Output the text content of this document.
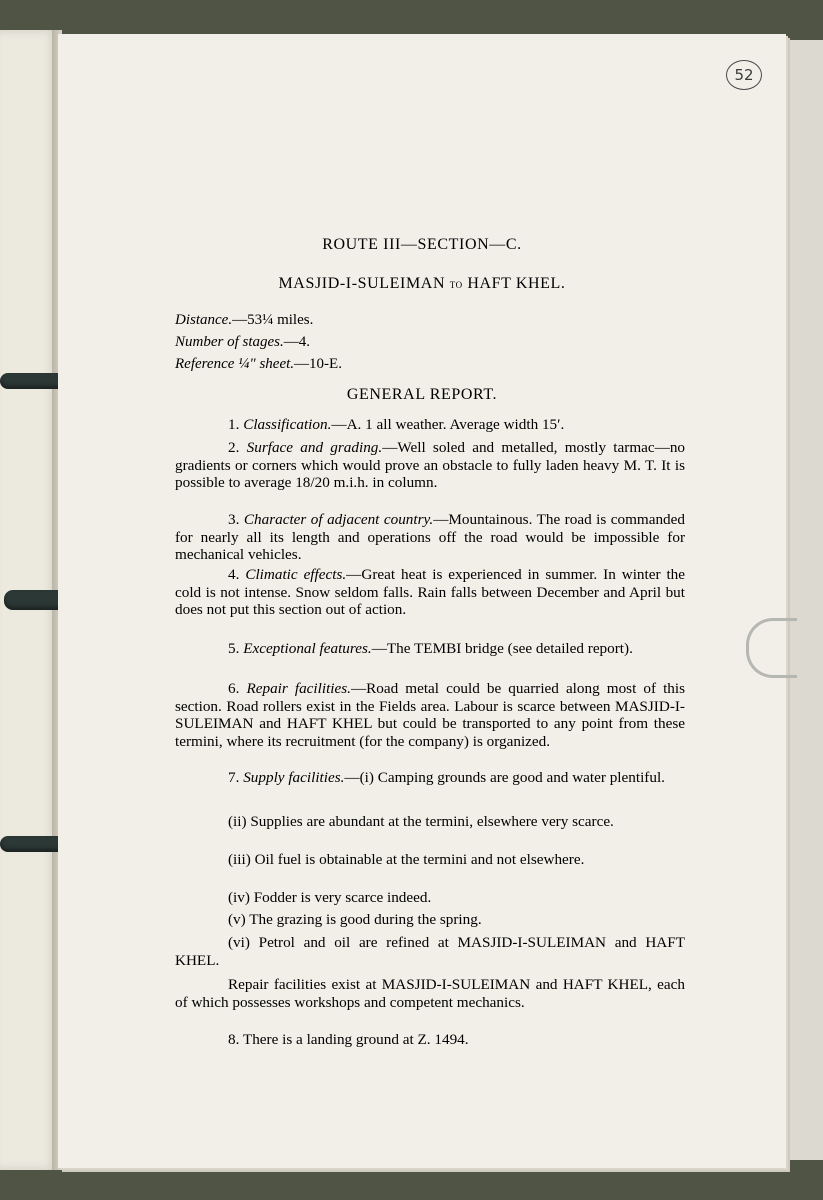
52
ROUTE III—SECTION—C.
MASJID-I-SULEIMAN to HAFT KHEL.
Distance.—53¼ miles.
Number of stages.—4.
Reference ¼" sheet.—10-E.
GENERAL REPORT.
1. Classification.—A. 1 all weather. Average width 15′.
2. Surface and grading.—Well soled and metalled, mostly tarmac—no gradients or corners which would prove an obstacle to fully laden heavy M. T. It is possible to average 18/20 m.i.h. in column.
3. Character of adjacent country.—Mountainous. The road is commanded for nearly all its length and operations off the road would be impossible for mechanical vehicles.
4. Climatic effects.—Great heat is experienced in summer. In winter the cold is not intense. Snow seldom falls. Rain falls between December and April but does not put this section out of action.
5. Exceptional features.—The TEMBI bridge (see detailed report).
6. Repair facilities.—Road metal could be quarried along most of this section. Road rollers exist in the Fields area. Labour is scarce between MASJID-I-SULEIMAN and HAFT KHEL but could be transported to any point from these termini, where its recruitment (for the company) is organized.
7. Supply facilities.—(i) Camping grounds are good and water plentiful.
(ii) Supplies are abundant at the termini, elsewhere very scarce.
(iii) Oil fuel is obtainable at the termini and not elsewhere.
(iv) Fodder is very scarce indeed.
(v) The grazing is good during the spring.
(vi) Petrol and oil are refined at MASJID-I-SULEIMAN and HAFT KHEL.
Repair facilities exist at MASJID-I-SULEIMAN and HAFT KHEL, each of which possesses workshops and competent mechanics.
8. There is a landing ground at Z. 1494.
